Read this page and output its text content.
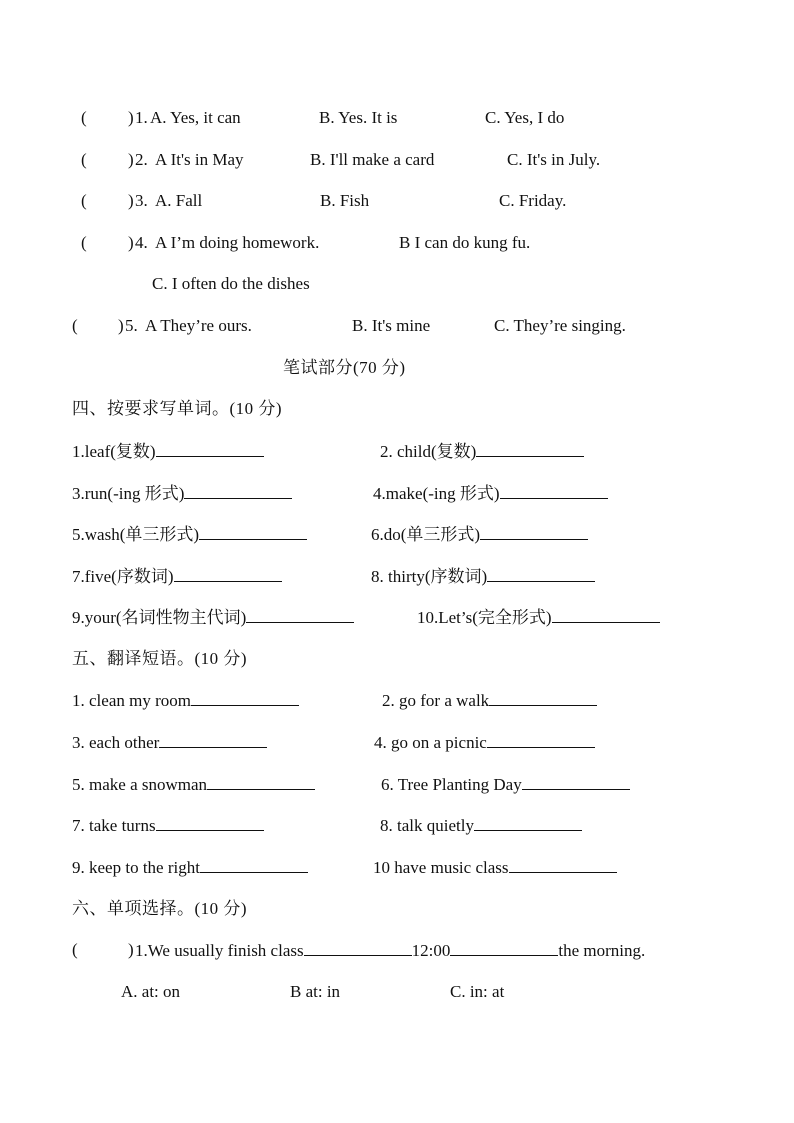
( ) 1. A. Yes, it can	B. Yes. It is	C. Yes, I do
( ) 2. A It's in May	B. I'll make a card	C. It's in July.
( ) 3. A. Fall	B. Fish	C. Friday.
( ) 4. A I’m doing homework.	B I can do kung fu.
C. I often do the dishes
( ) 5. A They’re ours.	B. It's mine	C. They’re singing.
笔试部分(70 分)
四、按要求写单词。(10 分)
1.leaf(复数)	2. child(复数)
3.run(-ing 形式)	4.make(-ing 形式)
5.wash(单三形式)	6.do(单三形式)
7.five(序数词)	8. thirty(序数词)
9.your(名词性物主代词)	10.Let’s(完全形式)
五、翻译短语。(10 分)
1. clean my room	2. go for a walk
3. each other	4. go on a picnic
5. make a snowman	6. Tree Planting Day
7. take turns	8. talk quietly
9. keep to the right	10 have music class
六、单项选择。(10 分)
(	) 1.We usually finish class	12:00	the morning.
A. at: on	B at: in	C. in: at
